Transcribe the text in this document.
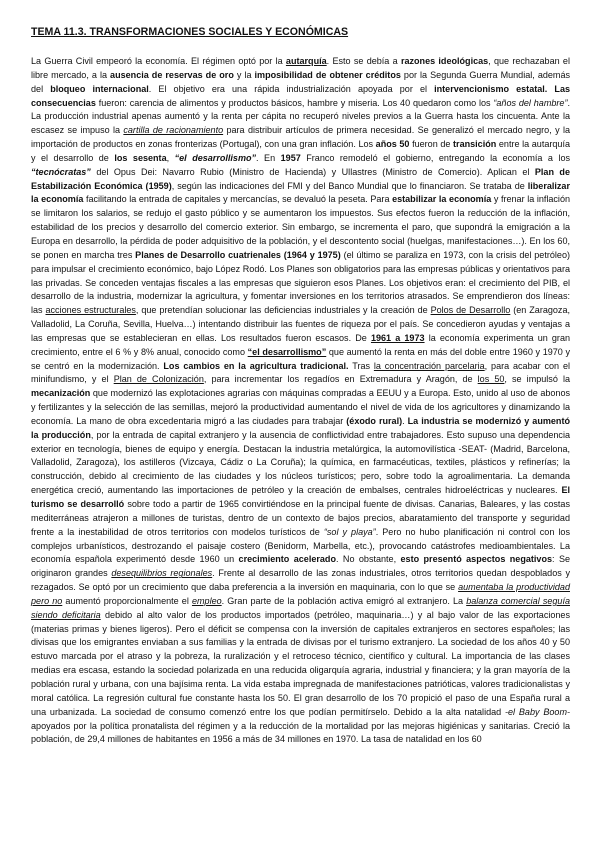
TEMA 11.3. TRANSFORMACIONES SOCIALES Y ECONÓMICAS
La Guerra Civil empeoró la economía. El régimen optó por la autarquía. Esto se debía a razones ideológicas, que rechazaban el libre mercado, a la ausencia de reservas de oro y la imposibilidad de obtener créditos por la Segunda Guerra Mundial, además del bloqueo internacional. El objetivo era una rápida industrialización apoyada por el intervencionismo estatal. Las consecuencias fueron: carencia de alimentos y productos básicos, hambre y miseria. Los 40 quedaron como los “años del hambre”. La producción industrial apenas aumentó y la renta per cápita no recuperó niveles previos a la Guerra hasta los cincuenta. Ante la escasez se impuso la cartilla de racionamiento para distribuir artículos de primera necesidad. Se generalizó el mercado negro, y la importación de productos en zonas fronterizas (Portugal), con una gran inflación. Los años 50 fueron de transición entre la autarquía y el desarrollo de los sesenta, “el desarrollismo”. En 1957 Franco remodeló el gobierno, entregando la economía a los “tecnócratas” del Opus Dei: Navarro Rubio (Ministro de Hacienda) y Ullastres (Ministro de Comercio). Aplican el Plan de Estabilización Económica (1959), según las indicaciones del FMI y del Banco Mundial que lo financiaron. Se trataba de liberalizar la economía facilitando la entrada de capitales y mercancías, se devaluó la peseta. Para estabilizar la economía y frenar la inflación se limitaron los salarios, se redujo el gasto público y se aumentaron los impuestos. Sus efectos fueron la reducción de la inflación, estabilidad de los precios y desarrollo del comercio exterior. Sin embargo, se incrementa el paro, que supondrá la emigración a la Europa en desarrollo, la pérdida de poder adquisitivo de la población, y el descontento social (huelgas, manifestaciones…). En los 60, se ponen en marcha tres Planes de Desarrollo cuatrienales (1964 y 1975) (el último se paraliza en 1973, con la crisis del petróleo) para impulsar el crecimiento económico, bajo López Rodó. Los Planes son obligatorios para las empresas públicas y orientativos para las privadas. Se conceden ventajas fiscales a las empresas que siguieron esos Planes. Los objetivos eran: el crecimiento del PIB, el desarrollo de la industria, modernizar la agricultura, y fomentar inversiones en los territorios atrasados. Se emprendieron dos líneas: las acciones estructurales, que pretendían solucionar las deficiencias industriales y la creación de Polos de Desarrollo (en Zaragoza, Valladolid, La Coruña, Sevilla, Huelva…) intentando distribuir las fuentes de riqueza por el país. Se concedieron ayudas y ventajas a las empresas que se establecieran en ellas. Los resultados fueron escasos. De 1961 a 1973 la economía experimenta un gran crecimiento, entre el 6 % y 8% anual, conocido como “el desarrollismo” que aumentó la renta en más del doble entre 1960 y 1970 y se centró en la modernización. Los cambios en la agricultura tradicional. Tras la concentración parcelaria, para acabar con el minifundismo, y el Plan de Colonización, para incrementar los regadíos en Extremadura y Aragón, de los 50, se impulsó la mecanización que modernizó las explotaciones agrarias con máquinas compradas a EEUU y a Europa. Esto, unido al uso de abonos y fertilizantes y la selección de las semillas, mejoró la productividad aumentando el nivel de vida de los agricultores y dinamizando la economía. La mano de obra excedentaria migró a las ciudades para trabajar (éxodo rural). La industria se modernizó y aumentó la producción, por la entrada de capital extranjero y la ausencia de conflictividad entre trabajadores. Esto supuso una dependencia exterior en tecnología, bienes de equipo y energía. Destacan la industria metalúrgica, la automovilística -SEAT- (Madrid, Barcelona, Valladolid, Zaragoza), los astilleros (Vizcaya, Cádiz o La Coruña); la química, en farmacéuticas, textiles, plásticos y refinerías; la construcción, debido al crecimiento de las ciudades y los núcleos turísticos; pero, sobre todo la agroalimentaria. La demanda energética creció, aumentando las importaciones de petróleo y la creación de embalses, centrales hidroeléctricas y nucleares. El turismo se desarrolló sobre todo a partir de 1965 convirtiéndose en la principal fuente de divisas. Canarias, Baleares, y las costas mediterráneas atrajeron a millones de turistas, dentro de un contexto de bajos precios, abaratamiento del transporte y seguridad frente a la inestabilidad de otros territorios con modelos turísticos de “sol y playa”. Pero no hubo planificación ni control con los complejos urbanísticos, destrozando el paisaje costero (Benidorm, Marbella, etc.), provocando catástrofes medioambientales. La economía española experimentó desde 1960 un crecimiento acelerado. No obstante, esto presentó aspectos negativos: Se originaron grandes desequilibrios regionales. Frente al desarrollo de las zonas industriales, otros territorios quedan despoblados y rezagados. Se optó por un crecimiento que daba preferencia a la inversión en maquinaria, con lo que se aumentaba la productividad pero no aumentó proporcionalmente el empleo. Gran parte de la población activa emigró al extranjero. La balanza comercial seguía siendo deficitaria debido al alto valor de los productos importados (petróleo, maquinaria…) y al bajo valor de las exportaciones (materias primas y bienes ligeros). Pero el déficit se compensa con la inversión de capitales extranjeros en sectores españoles; las divisas que los emigrantes enviaban a sus familias y la entrada de divisas por el turismo extranjero. La sociedad de los años 40 y 50 estuvo marcada por el atraso y la pobreza, la ruralización y el retroceso técnico, científico y cultural. La importancia de las clases medias era escasa, estando la sociedad polarizada en una reducida oligarquía agraria, industrial y financiera; y la gran mayoría de la población rural y urbana, con una bajísima renta. La vida estaba impregnada de manifestaciones patrióticas, valores tradicionalistas y moral católica. La regresión cultural fue constante hasta los 50. El gran desarrollo de los 70 propició el paso de una España rural a una urbanizada. La sociedad de consumo comenzó entre los que podían permitírselo. Debido a la alta natalidad -el Baby Boom- apoyados por la política pronatalista del régimen y a la reducción de la mortalidad por las mejoras higiénicas y sanitarias. Creció la población, de 29,4 millones de habitantes en 1956 a más de 34 millones en 1970. La tasa de natalidad en los 60
